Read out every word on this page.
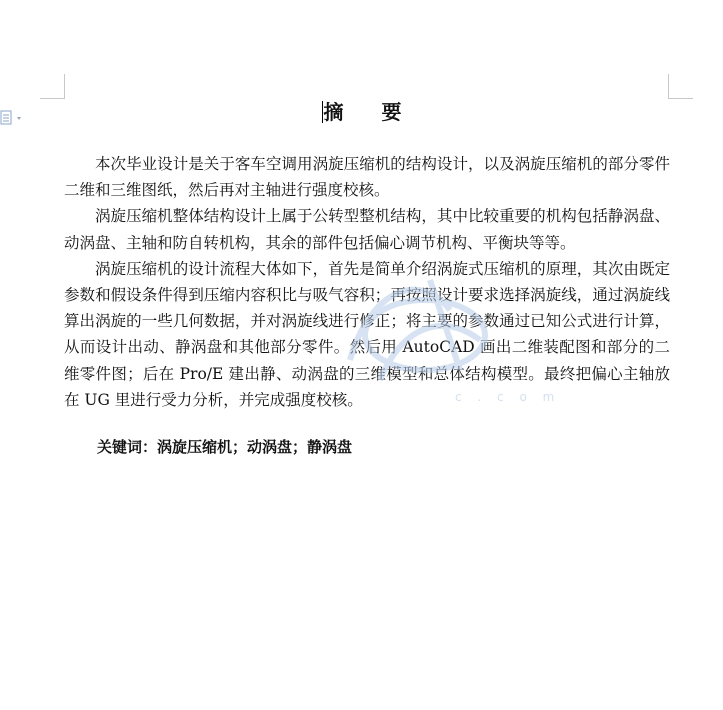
摘 要

本次毕业设计是关于客车空调用涡旋压缩机的结构设计，以及涡旋压缩机的部分零件二维和三维图纸，然后再对主轴进行强度校核。

涡旋压缩机整体结构设计上属于公转型整机结构，其中比较重要的机构包括静涡盘、动涡盘、主轴和防自转机构，其余的部件包括偏心调节机构、平衡块等等。

涡旋压缩机的设计流程大体如下，首先是简单介绍涡旋式压缩机的原理，其次由既定参数和假设条件得到压缩内容积比与吸气容积；再按照设计要求选择涡旋线，通过涡旋线算出涡旋的一些几何数据，并对涡旋线进行修正；将主要的参数通过已知公式进行计算，从而设计出动、静涡盘和其他部分零件。然后用 AutoCAD 画出二维装配图和部分的二维零件图；后在 Pro/E 建出静、动涡盘的三维模型和总体结构模型。最终把偏心主轴放在 UG 里进行受力分析，并完成强度校核。

关键词：涡旋压缩机；动涡盘；静涡盘
c . c o m
